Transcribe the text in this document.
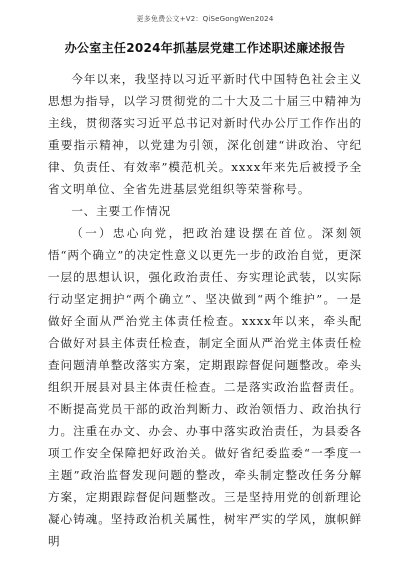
更多免费公文+V2：QiSeGongWen2024

办公室主任2024年抓基层党建工作述职述廉述报告

今年以来，我坚持以习近平新时代中国特色社会主义思想为指导，以学习贯彻党的二十大及二十届三中精神为主线，贯彻落实习近平总书记对新时代办公厅工作作出的重要指示精神，以党建为引领，深化创建“讲政治、守纪律、负责任、有效率”模范机关。xxxx年来先后被授予全省文明单位、全省先进基层党组织等荣誉称号。

一、主要工作情况

（一）忠心向党，把政治建设摆在首位。深刻领悟“两个确立”的决定性意义以更先一步的政治自觉，更深一层的思想认识，强化政治责任、夯实理论武装，以实际行动坚定拥护“两个确立”、坚决做到“两个维护”。一是做好全面从严治党主体责任检查。xxxx年以来，牵头配合做好对县主体责任检查，制定全面从严治党主体责任检查问题清单整改落实方案，定期跟踪督促问题整改。牵头组织开展县对县主体责任检查。二是落实政治监督责任。不断提高党员干部的政治判断力、政治领悟力、政治执行力。注重在办文、办会、办事中落实政治责任，为县委各项工作安全保障把好政治关。做好省纪委监委“一季度一主题”政治监督发现问题的整改，牵头制定整改任务分解方案，定期跟踪督促问题整改。三是坚持用党的创新理论凝心铸魂。坚持政治机关属性，树牢严实的学风，旗帜鲜明
